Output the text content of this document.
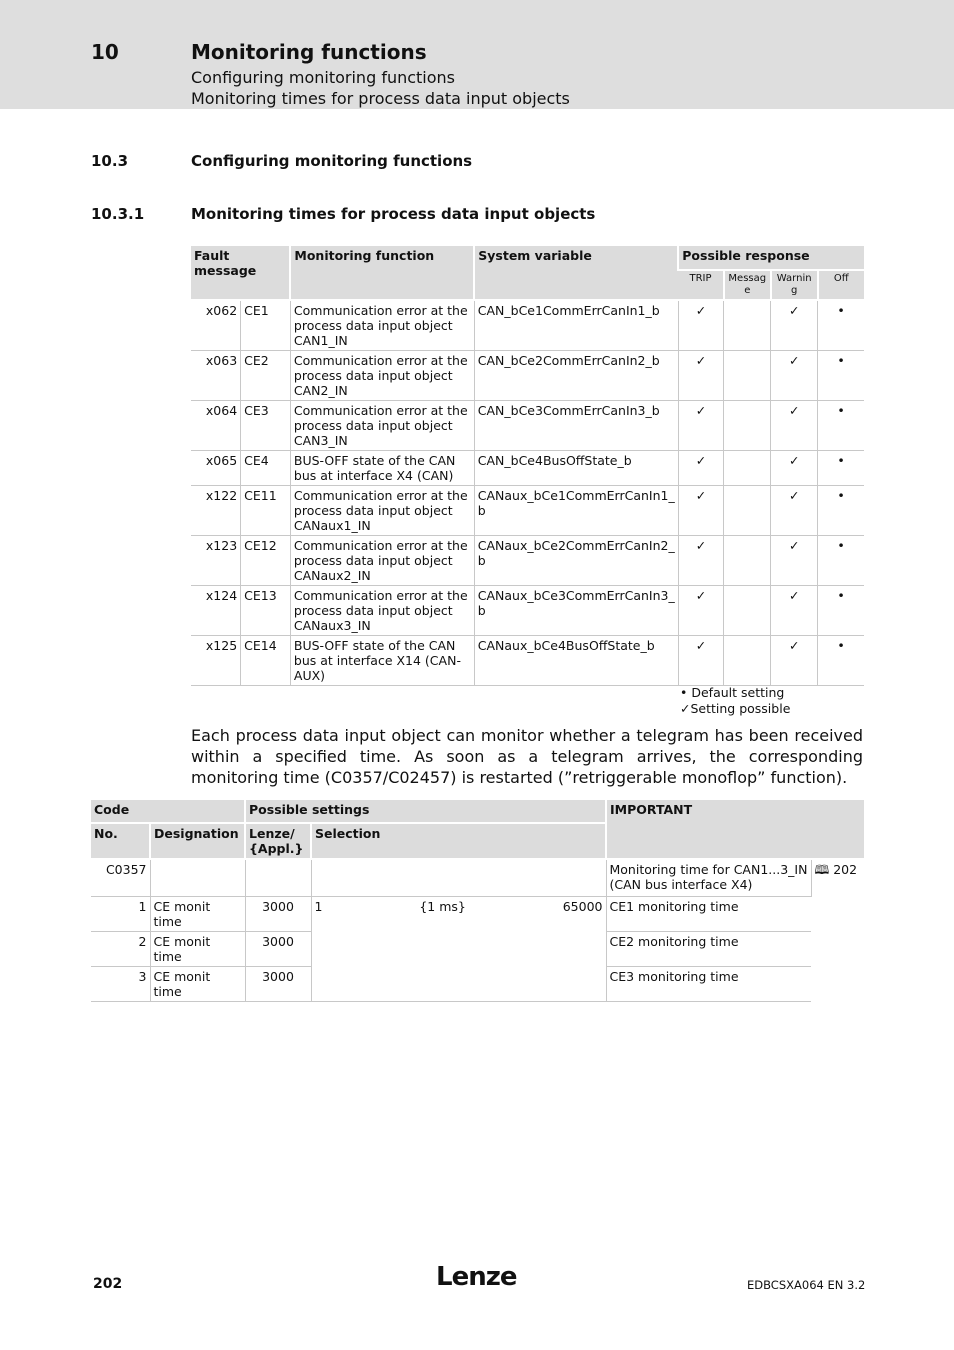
10	Monitoring functions
Configuring monitoring functions
Monitoring times for process data input objects
10.3	Configuring monitoring functions
10.3.1	Monitoring times for process data input objects
Fault message		Monitoring function	System variable	Possible response			
				TRIP	Messag e	Warnin g	Off
x062	CE1	Communication error at the process data input object CAN1_IN	CAN_bCe1CommErrCanIn1_b	✓		✓	•
x063	CE2	Communication error at the process data input object CAN2_IN	CAN_bCe2CommErrCanIn2_b	✓		✓	•
x064	CE3	Communication error at the process data input object CAN3_IN	CAN_bCe3CommErrCanIn3_b	✓		✓	•
x065	CE4	BUS-OFF state of the CAN bus at interface X4 (CAN)	CAN_bCe4BusOffState_b	✓		✓	•
x122	CE11	Communication error at the process data input object CANaux1_IN	CANaux_bCe1CommErrCanIn1_ b	✓		✓	•
x123	CE12	Communication error at the process data input object CANaux2_IN	CANaux_bCe2CommErrCanIn2_ b	✓		✓	•
x124	CE13	Communication error at the process data input object CANaux3_IN	CANaux_bCe3CommErrCanIn3_ b	✓		✓	•
x125	CE14	BUS-OFF state of the CAN bus at interface X14 (CAN-AUX)	CANaux_bCe4BusOffState_b	✓		✓	•
• Default setting
✓Setting possible
Each process data input object can monitor whether a telegram has been received within a specified time. As soon as a telegram arrives, the corresponding monitoring time (C0357/C02457) is restarted (”retriggerable monoflop” function).
Code		Possible settings		IMPORTANT	
No.	Designation	Lenze/ {Appl.}	Selection		
C0357				Monitoring time for CAN1...3_IN (CAN bus interface X4)	🕮 202
1	CE monit time	3000	1 {1 ms} 65000	CE1 monitoring time	
2	CE monit time	3000		CE2 monitoring time	
3	CE monit time	3000		CE3 monitoring time	
202	Lenze	EDBCSXA064 EN 3.2
